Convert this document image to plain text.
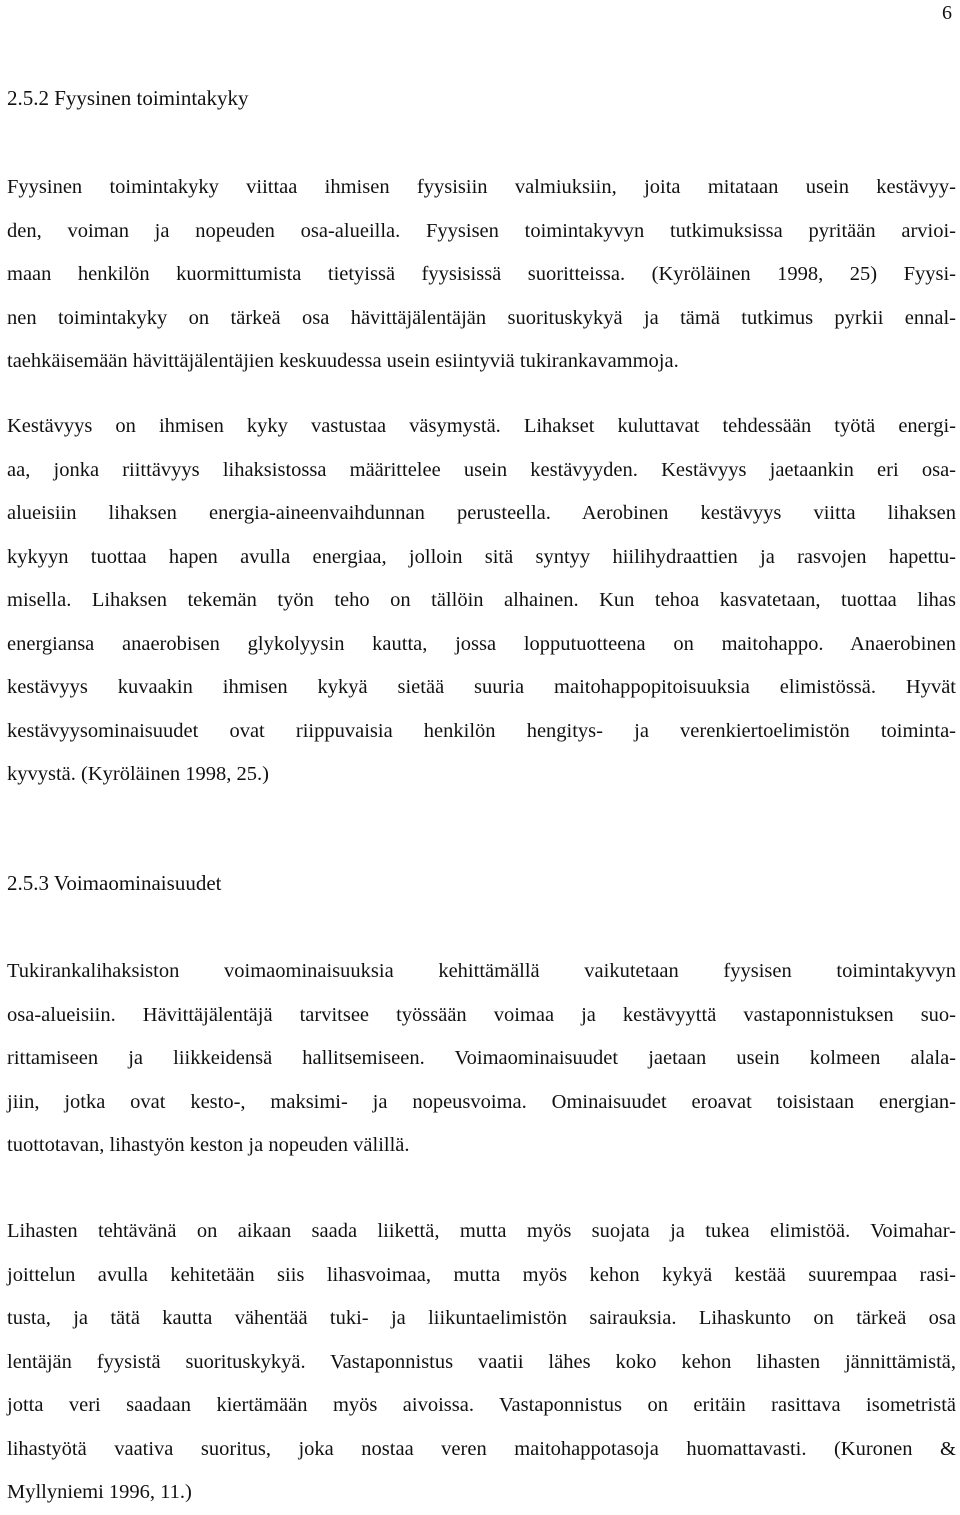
6
2.5.2 Fyysinen toimintakyky
Fyysinen toimintakyky viittaa ihmisen fyysisiin valmiuksiin, joita mitataan usein kestävyy-
den, voiman ja nopeuden osa-alueilla. Fyysisen toimintakyvyn tutkimuksissa pyritään arvioi-
maan henkilön kuormittumista tietyissä fyysisissä suoritteissa. (Kyröläinen 1998, 25) Fyysi-
nen toimintakyky on tärkeä osa hävittäjälentäjän suorituskykyä ja tämä tutkimus pyrkii ennal-
taehkäisemään hävittäjälentäjien keskuudessa usein esiintyviä tukirankavammoja.
Kestävyys on ihmisen kyky vastustaa väsymystä. Lihakset kuluttavat tehdessään työtä energi-
aa, jonka riittävyys lihaksistossa määrittelee usein kestävyyden. Kestävyys jaetaankin eri osa-
alueisiin lihaksen energia-aineenvaihdunnan perusteella. Aerobinen kestävyys viitta lihaksen
kykyyn tuottaa hapen avulla energiaa, jolloin sitä syntyy hiilihydraattien ja rasvojen hapettu-
misella. Lihaksen tekemän työn teho on tällöin alhainen. Kun tehoa kasvatetaan, tuottaa lihas
energiansa anaerobisen glykolyysin kautta, jossa lopputuotteena on maitohappo. Anaerobinen
kestävyys kuvaakin ihmisen kykyä sietää suuria maitohappopitoisuuksia elimistössä. Hyvät
kestävyysominaisuudet ovat riippuvaisia henkilön hengitys- ja verenkiertoelimistön toiminta-
kyvystä. (Kyröläinen 1998, 25.)
2.5.3 Voimaominaisuudet
Tukirankalihaksiston voimaominaisuuksia kehittämällä vaikutetaan fyysisen toimintakyvyn
osa-alueisiin. Hävittäjälentäjä tarvitsee työssään voimaa ja kestävyyttä vastaponnistuksen suo-
rittamiseen ja liikkeidensä hallitsemiseen. Voimaominaisuudet jaetaan usein kolmeen alala-
jiin, jotka ovat kesto-, maksimi- ja nopeusvoima. Ominaisuudet eroavat toisistaan energian-
tuottotavan, lihastyön keston ja nopeuden välillä.
Lihasten tehtävänä on aikaan saada liikettä, mutta myös suojata ja tukea elimistöä. Voimahar-
joittelun avulla kehitetään siis lihasvoimaa, mutta myös kehon kykyä kestää suurempaa rasi-
tusta, ja tätä kautta vähentää tuki- ja liikuntaelimistön sairauksia. Lihaskunto on tärkeä osa
lentäjän fyysistä suorituskykyä. Vastaponnistus vaatii lähes koko kehon lihasten jännittämistä,
jotta veri saadaan kiertämään myös aivoissa. Vastaponnistus on eritäin rasittava isometristä
lihastyötä vaativa suoritus, joka nostaa veren maitohappotasoja huomattavasti. (Kuronen &
Myllyniemi 1996, 11.)
